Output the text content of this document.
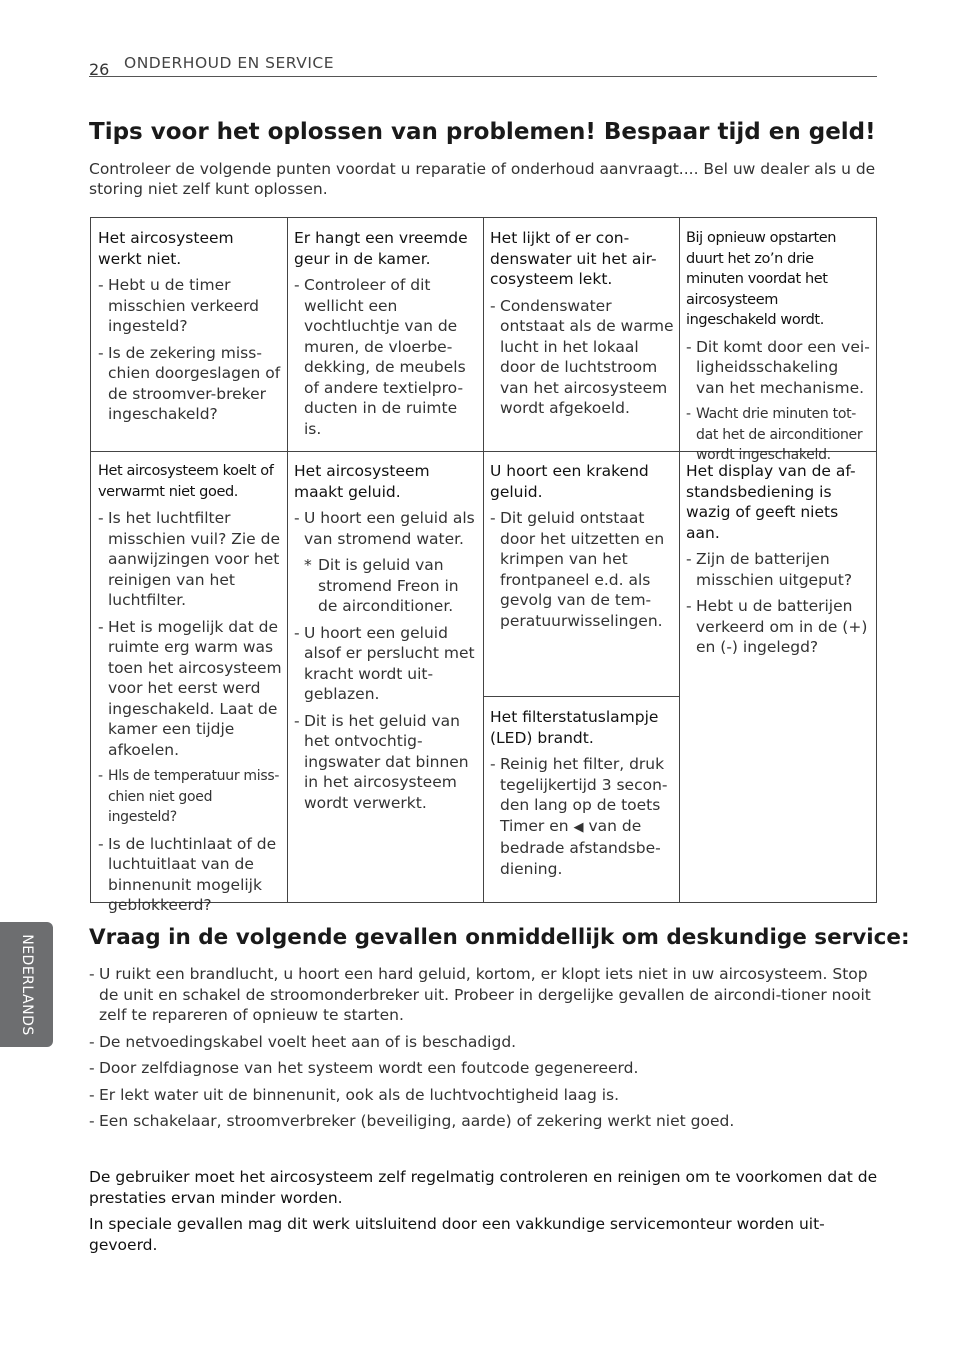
26 ONDERHOUD EN SERVICE
NEDERLANDS
Tips voor het oplossen van problemen! Bespaar tijd en geld!

Controleer de volgende punten voordat u reparatie of onderhoud aanvraagt.... Bel uw dealer als u de storing niet zelf kunt oplossen.

Het aircosysteem werkt niet.

- Hebt u de timer misschien verkeerd ingesteld?

- Is de zekering miss-chien doorgeslagen of de stroomver-breker ingeschakeld?

Er hangt een vreemde geur in de kamer.

- Controleer of dit wellicht een vochtluchtje van de muren, de vloerbe-dekking, de meubels of andere textielpro-ducten in de ruimte is.

Het lijkt of er con-denswater uit het air-cosysteem lekt.

- Condenswater ontstaat als de warme lucht in het lokaal door de luchtstroom van het aircosysteem wordt afgekoeld.

Bij opnieuw opstarten duurt het zo’n drie minuten voordat het aircosysteem ingeschakeld wordt.

- Dit komt door een vei-ligheidsschakeling van het mechanisme.

- Wacht drie minuten tot-dat het de airconditioner wordt ingeschakeld.

Het aircosysteem koelt of verwarmt niet goed.

- Is het luchtfilter misschien vuil? Zie de aanwijzingen voor het reinigen van het luchtfilter.

- Het is mogelijk dat de ruimte erg warm was toen het aircosysteem voor het eerst werd ingeschakeld. Laat de kamer een tijdje afkoelen.

- Hls de temperatuur miss-chien niet goed ingesteld?

- Is de luchtinlaat of de luchtuitlaat van de binnenunit mogelijk geblokkeerd?

Het aircosysteem maakt geluid.

- U hoort een geluid als van stromend water.

* Dit is geluid van stromend Freon in de airconditioner.

- U hoort een geluid alsof er perslucht met kracht wordt uit-geblazen.

- Dit is het geluid van het ontvochtig-ingswater dat binnen in het aircosysteem wordt verwerkt.

U hoort een krakend geluid.

- Dit geluid ontstaat door het uitzetten en krimpen van het frontpaneel e.d. als gevolg van de tem-peratuurwisselingen.

Het filterstatuslampje (LED) brandt.

- Reinig het filter, druk tegelijkertijd 3 secon-den lang op de toets Timer en ◀ van de bedrade afstandsbe-diening.

Het display van de af-standsbediening is wazig of geeft niets aan.

- Zijn de batterijen misschien uitgeput?

- Hebt u de batterijen verkeerd om in de (+) en (-) ingelegd?

Vraag in de volgende gevallen onmiddellijk om deskundige service:
- U ruikt een brandlucht, u hoort een hard geluid, kortom, er klopt iets niet in uw aircosysteem. Stop de unit en schakel de stroomonderbreker uit. Probeer in dergelijke gevallen de aircondi-tioner nooit zelf te repareren of opnieuw te starten.
- De netvoedingskabel voelt heet aan of is beschadigd.
- Door zelfdiagnose van het systeem wordt een foutcode gegenereerd.
- Er lekt water uit de binnenunit, ook als de luchtvochtigheid laag is.
- Een schakelaar, stroomverbreker (beveiliging, aarde) of zekering werkt niet goed.

De gebruiker moet het aircosysteem zelf regelmatig controleren en reinigen om te voorkomen dat de prestaties ervan minder worden.

In speciale gevallen mag dit werk uitsluitend door een vakkundige servicemonteur worden uit-gevoerd.
